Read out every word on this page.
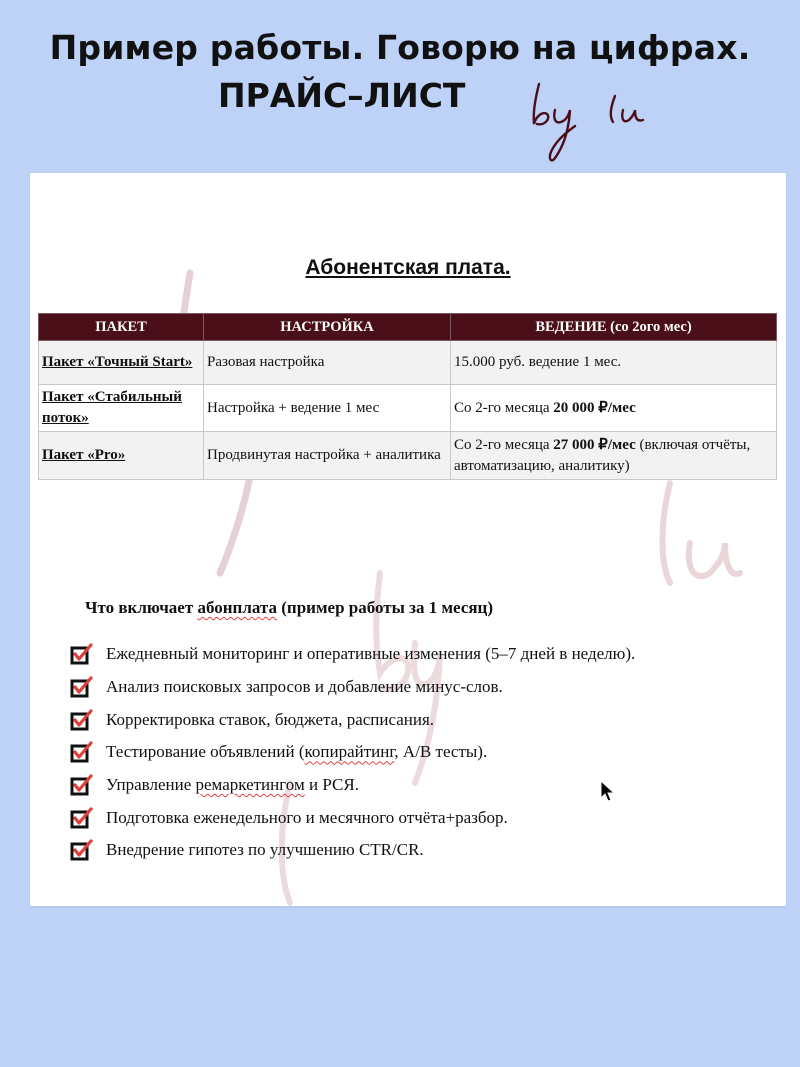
Пример работы. Говорю на цифрах.
ПРАЙС–ЛИСТ
Абонентская плата.
ПАКЕТ	НАСТРОЙКА	ВЕДЕНИЕ (со 2ого мес)
Пакет «Точный Start»	Разовая настройка	15.000 руб. ведение 1 мес.
Пакет «Стабильный поток»	Настройка + ведение 1 мес	Со 2-го месяца 20 000 ₽/мес
Пакет «Pro»	Продвинутая настройка + аналитика	Со 2-го месяца 27 000 ₽/мес (включая отчёты, автоматизацию, аналитику)
Что включает абонплата (пример работы за 1 месяц)
Ежедневный мониторинг и оперативные изменения (5–7 дней в неделю).
Анализ поисковых запросов и добавление минус-слов.
Корректировка ставок, бюджета, расписания.
Тестирование объявлений (копирайтинг, A/B тесты).
Управление ремаркетингом и РСЯ.
Подготовка еженедельного и месячного отчёта+разбор.
Внедрение гипотез по улучшению CTR/CR.
